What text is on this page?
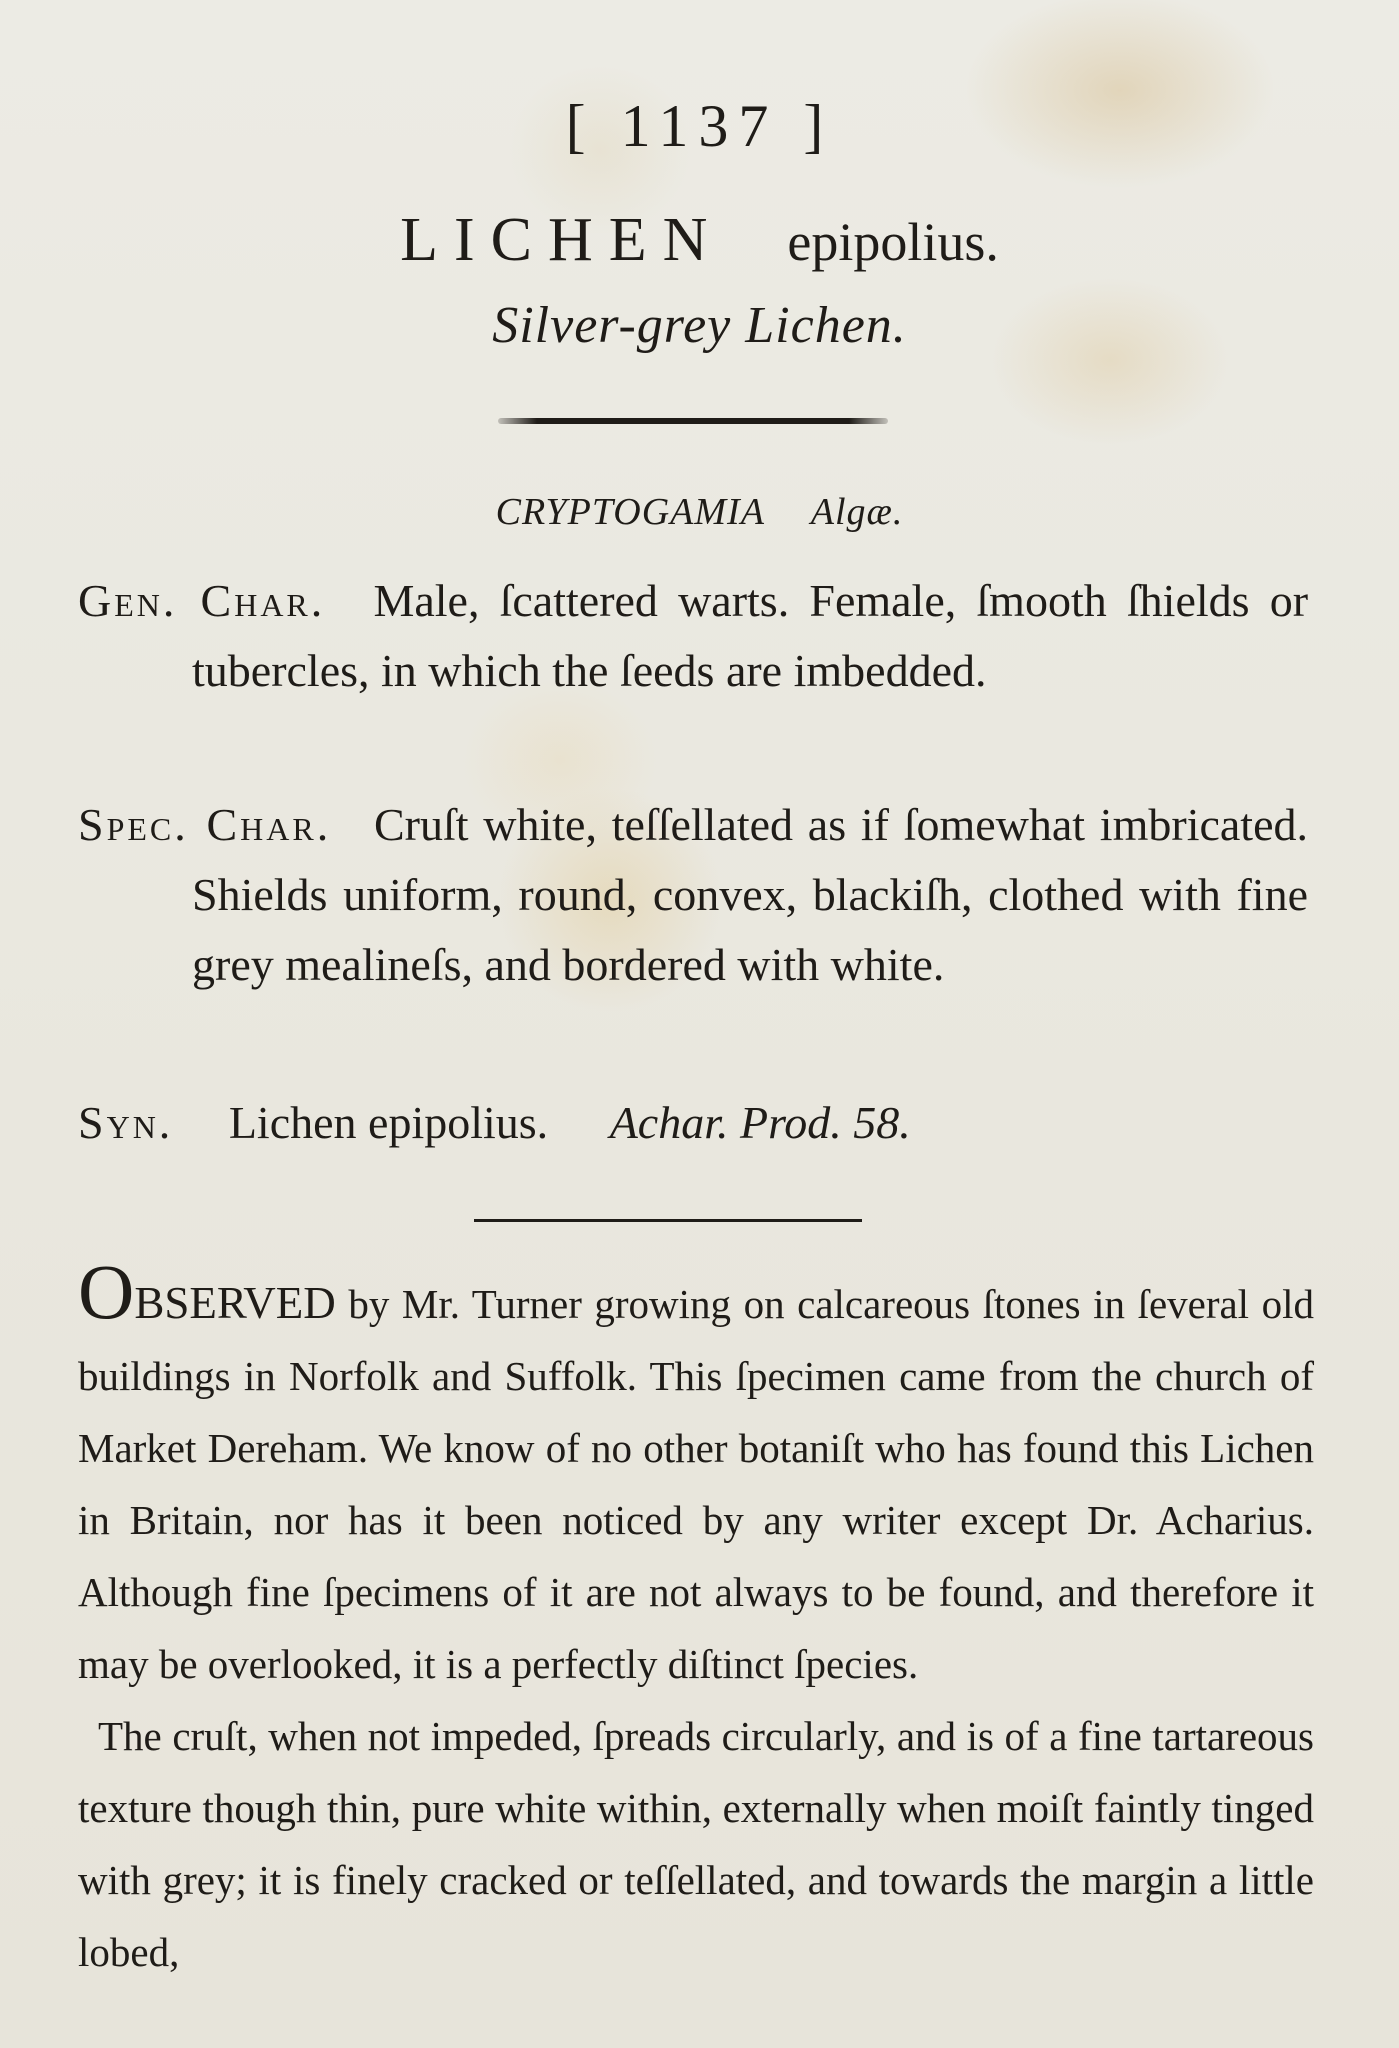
[ 1137 ]
LICHEN epipolius.
Silver-grey Lichen.
CRYPTOGAMIA Algæ.
Gen. Char. Male, ſcattered warts. Female, ſmooth ſhields or tubercles, in which the ſeeds are imbedded.
Spec. Char. Cruſt white, teſſellated as if ſomewhat imbricated. Shields uniform, round, convex, blackiſh, clothed with fine grey mealineſs, and bordered with white.
Syn. Lichen epipolius. Achar. Prod. 58.

OBSERVED by Mr. Turner growing on calcareous ſtones in ſeveral old buildings in Norfolk and Suffolk. This ſpecimen came from the church of Market Dereham. We know of no other botaniſt who has found this Lichen in Britain, nor has it been noticed by any writer except Dr. Acharius. Although fine ſpecimens of it are not always to be found, and therefore it may be overlooked, it is a perfectly diſtinct ſpecies.

The cruſt, when not impeded, ſpreads circularly, and is of a fine tartareous texture though thin, pure white within, externally when moiſt faintly tinged with grey; it is finely cracked or teſſellated, and towards the margin a little lobed,
